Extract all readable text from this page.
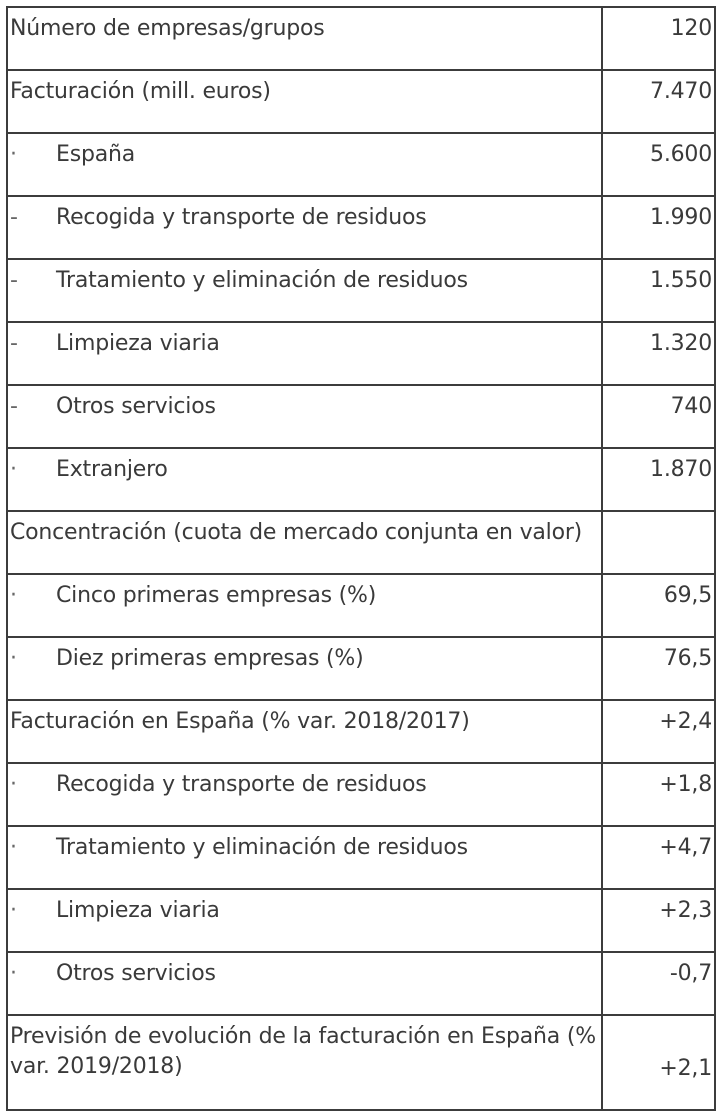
Número de empresas/grupos	120

Facturación (mill. euros)	7.470

· España	5.600

- Recogida y transporte de residuos	1.990

- Tratamiento y eliminación de residuos	1.550

- Limpieza viaria	1.320

- Otros servicios	740

· Extranjero	1.870

Concentración (cuota de mercado conjunta en valor)	

· Cinco primeras empresas (%)	69,5

· Diez primeras empresas (%)	76,5

Facturación en España (% var. 2018/2017)	+2,4

· Recogida y transporte de residuos	+1,8

· Tratamiento y eliminación de residuos	+4,7

· Limpieza viaria	+2,3

· Otros servicios	-0,7

Previsión de evolución de la facturación en España (% var. 2019/2018)	+2,1
